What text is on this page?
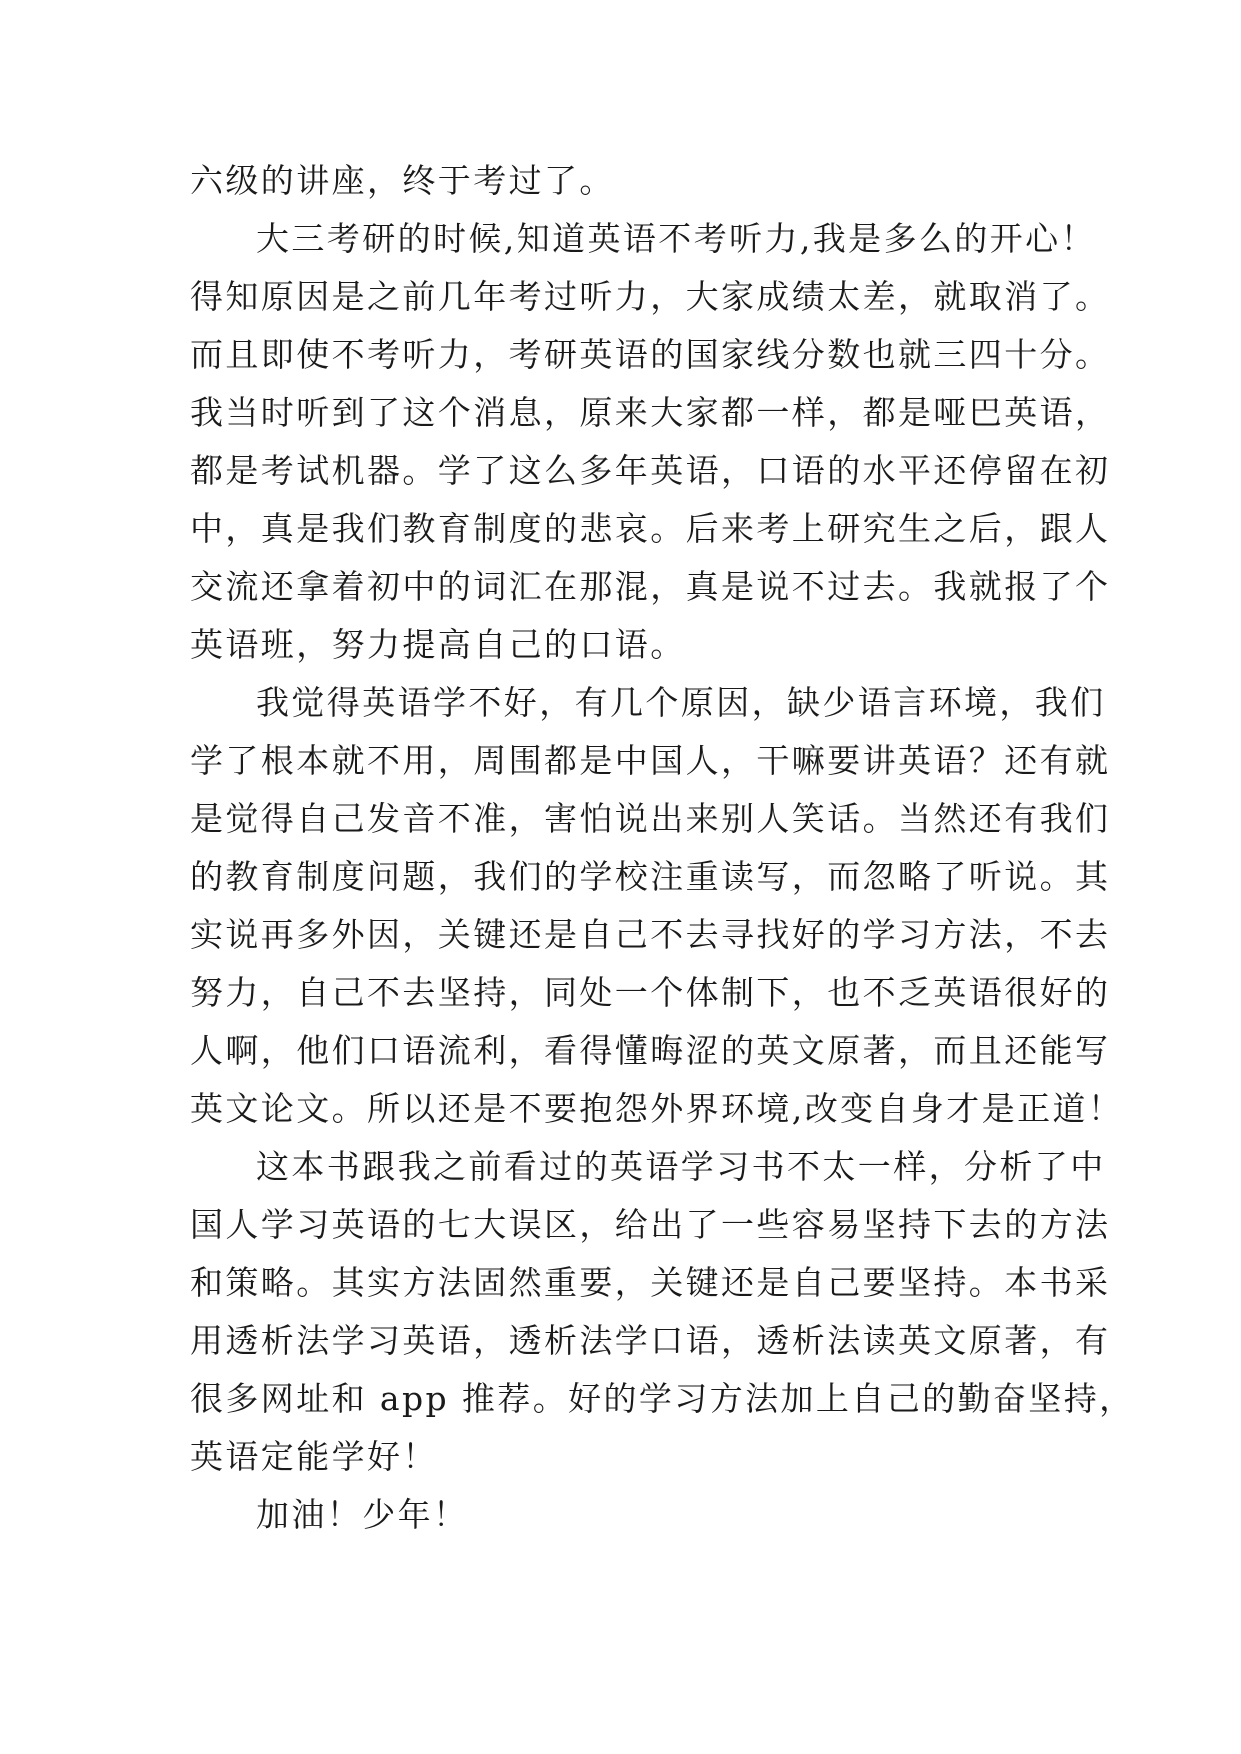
六级的讲座，终于考过了。
大三考研的时候,知道英语不考听力,我是多么的开心！
得知原因是之前几年考过听力，大家成绩太差，就取消了。
而且即使不考听力，考研英语的国家线分数也就三四十分。
我当时听到了这个消息，原来大家都一样，都是哑巴英语，
都是考试机器。学了这么多年英语，口语的水平还停留在初
中，真是我们教育制度的悲哀。后来考上研究生之后，跟人
交流还拿着初中的词汇在那混，真是说不过去。我就报了个
英语班，努力提高自己的口语。
我觉得英语学不好，有几个原因，缺少语言环境，我们
学了根本就不用，周围都是中国人，干嘛要讲英语？还有就
是觉得自己发音不准，害怕说出来别人笑话。当然还有我们
的教育制度问题，我们的学校注重读写，而忽略了听说。其
实说再多外因，关键还是自己不去寻找好的学习方法，不去
努力，自己不去坚持，同处一个体制下，也不乏英语很好的
人啊，他们口语流利，看得懂晦涩的英文原著，而且还能写
英文论文。所以还是不要抱怨外界环境,改变自身才是正道！
这本书跟我之前看过的英语学习书不太一样，分析了中
国人学习英语的七大误区，给出了一些容易坚持下去的方法
和策略。其实方法固然重要，关键还是自己要坚持。本书采
用透析法学习英语，透析法学口语，透析法读英文原著，有
很多网址和 app 推荐。好的学习方法加上自己的勤奋坚持，
英语定能学好！
加油！少年！
